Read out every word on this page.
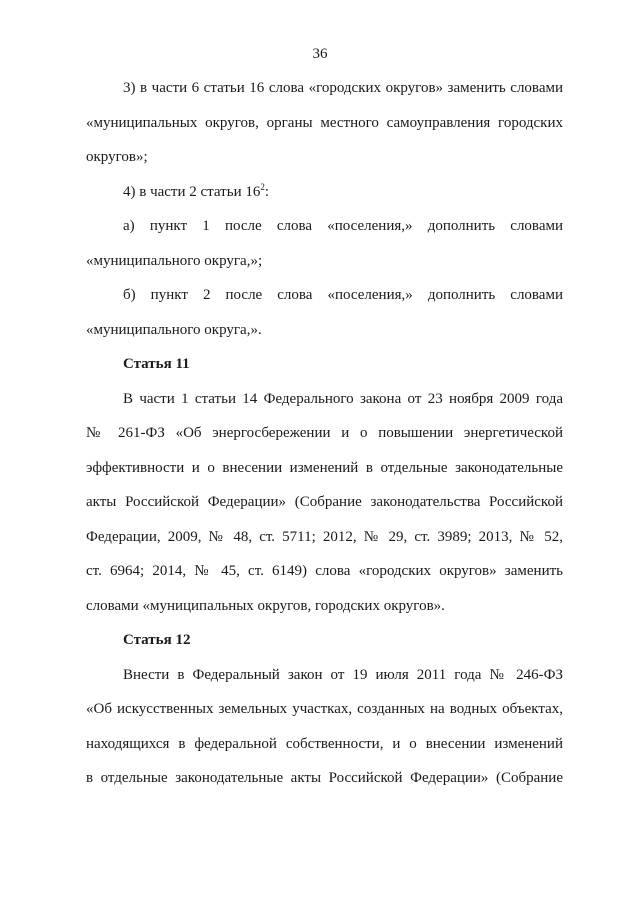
36
3) в части 6 статьи 16 слова «городских округов» заменить словами
«муниципальных округов, органы местного самоуправления городских
округов»;
4) в части 2 статьи $16^2$:
а) пункт 1 после слова «поселения,» дополнить словами
«муниципального округа,»;
б) пункт 2 после слова «поселения,» дополнить словами
«муниципального округа,».
Статья 11
В части 1 статьи 14 Федерального закона от 23 ноября 2009 года
№ 261-ФЗ «Об энергосбережении и о повышении энергетической
эффективности и о внесении изменений в отдельные законодательные
акты Российской Федерации» (Собрание законодательства Российской
Федерации, 2009, № 48, ст. 5711; 2012, № 29, ст. 3989; 2013, № 52,
ст. 6964; 2014, № 45, ст. 6149) слова «городских округов» заменить
словами «муниципальных округов, городских округов».
Статья 12
Внести в Федеральный закон от 19 июля 2011 года № 246-ФЗ
«Об искусственных земельных участках, созданных на водных объектах,
находящихся в федеральной собственности, и о внесении изменений
в отдельные законодательные акты Российской Федерации» (Собрание
